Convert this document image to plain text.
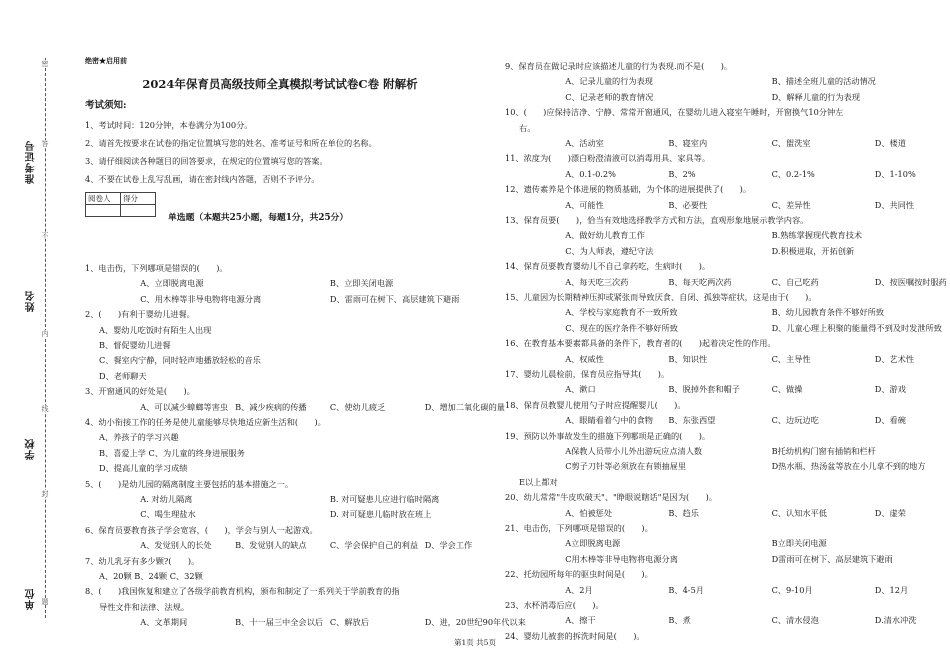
准考证号
姓名
学校
单位
密
封
线
不
内
答
题
绝密★启用前
2024年保育员高级技师全真模拟考试试卷C卷 附解析
考试须知:
1、考试时间：120分钟，本卷满分为100分。
2、请首先按要求在试卷的指定位置填写您的姓名、准考证号和所在单位的名称。
3、请仔细阅读各种题目的回答要求，在规定的位置填写您的答案。
4、不要在试卷上乱写乱画，请在密封线内答题，否则不予评分。
阅卷人	得分

单选题（本题共25小题，每题1分，共25分）
1、电击伤，下列哪项是错误的(　　)。
A、立即脱离电源	B、立即关闭电源
C、用木棒等非导电物将电源分离	D、雷雨可在树下、高层建筑下避雨
2、(　　)有利于婴幼儿进餐。
A、婴幼儿吃饭时有陌生人出现
B、督促婴幼儿进餐
C、餐室内宁静，同时轻声地播放轻松的音乐
D、老师聊天
3、开窗通风的好处是(　　)。
A、可以减少蟑螂等害虫 B、减少疾病的传播	C、使幼儿疲乏	D、增加二氧化碳的量
4、幼小衔接工作的任务是使儿童能够尽快地适应新生活和(　　)。
A、养孩子的学习兴趣
B、喜爱上学 C、为儿童的终身进展服务
D、提高儿童的学习成绩
5、(　　)是幼儿园的隔离制度主要包括的基本措施之一。
A. 对幼儿隔离	B. 对可疑患儿应进行临时隔离
C、喝生理盐水	D. 对可疑患儿临时放在班上
6、保育员要教育孩子学会宽容，(　　)，学会与别人一起游戏。
A、发觉别人的长处	B、发觉别人的缺点	C、学会保护自己的利益 D、学会工作
7、幼儿乳牙有多少颗?(　　)。
A、20颗 B、24颗 C、32颗
8、(　　)我国恢复和建立了各级学前教育机构，颁布和制定了一系列关于学前教育的指
导性文件和法律、法规。
A、文革期间	B、十一届三中全会以后 C、解放后	D、进，20世纪90年代以来
9、保育员在做记录时应该描述儿童的行为表现.而不是(　　)。
A、记录儿童的行为表现	B、描述全班儿童的活动情况
C、记录老师的教育情况	D、解释儿童的行为表现
10、(　　)应保持洁净、宁静、常常开窗通风，在婴幼儿进入寝室午睡时，开窗换气10分钟左
右。
A、活动室	B、寝室内	C、盥洗室	D、楼道
11、浓度为(　　)漂白粉澄清液可以消毒用具、家具等。
A、0.1-0.2%	B、2%	C、0.2-1%	D、1-10%
12、遗传素养是个体进展的物质基础，为个体的进展提供了(　　)。
A、可能性	B、必要性	C、差异性	D、共同性
13、保育员要(　　)，恰当有效地选择教学方式和方法，直观形象地展示教学内容。
A、做好幼儿教育工作	B.熟练掌握现代教育技术
C、为人师表，遵纪守法	D.积极进取，开拓创新
14、保育员要教育婴幼儿不自己拿药吃，生病时(　　)。
A、每天吃三次药	B、每天吃两次药	C、自己吃药	D、按医嘱按时服药
15、儿童因为长期精神压抑或紧张而导致厌食、自闭、孤独等症状，这是由于(　　)。
A、学校与家庭教育不一致所致	B、幼儿园教育条件不够好所致
C、现在的医疗条件不够好所致	D、儿童心理上积聚的能量得不到及时发泄所致
16、在教育基本要素都具备的条件下，教育者的(　　)起着决定性的作用。
A、权威性	B、知识性	C、主导性	D、艺术性
17、婴幼儿晨检前，保育员应指导其(　　)。
A、漱口	B、脱掉外套和帽子	C、做操	D、游戏
18、保育员教婴儿使用勺子时应提醒婴儿(　　)。
A、眼睛看着勺中的食物 B、东张西望	C、边玩边吃	D、看碗
19、预防以外事故发生的措施下列哪项是正确的(　　)。
A保教人员带小儿外出游玩应点清人数	B托幼机构门窗有插销和栏杆
C剪子刀针等必须放在有锁抽屉里	D热水瓶、热汤盆等放在小儿拿不到的地方
E以上都对
20、幼儿常常"牛皮吹破天"、"睁眼说瞎话"是因为(　　)。
A、怕被惩处	B、趋乐	C、认知水平低	D、虚荣
21、电击伤，下列哪项是错误的(　　)。
A立即脱离电源	B立即关闭电源
C用木棒等非导电物将电源分离	D雷雨可在树下、高层建筑下避雨
22、托幼园所每年的驱虫时间是(　　)。
A、2月	B、4-5月	C、9-10月	D、12月
23、水杯消毒后应(　　)。
A、擦干	B、煮	C、清水侵泡	D.清水冲洗
24、婴幼儿被套的拆洗时间是(　　)。
第1页 共5页
